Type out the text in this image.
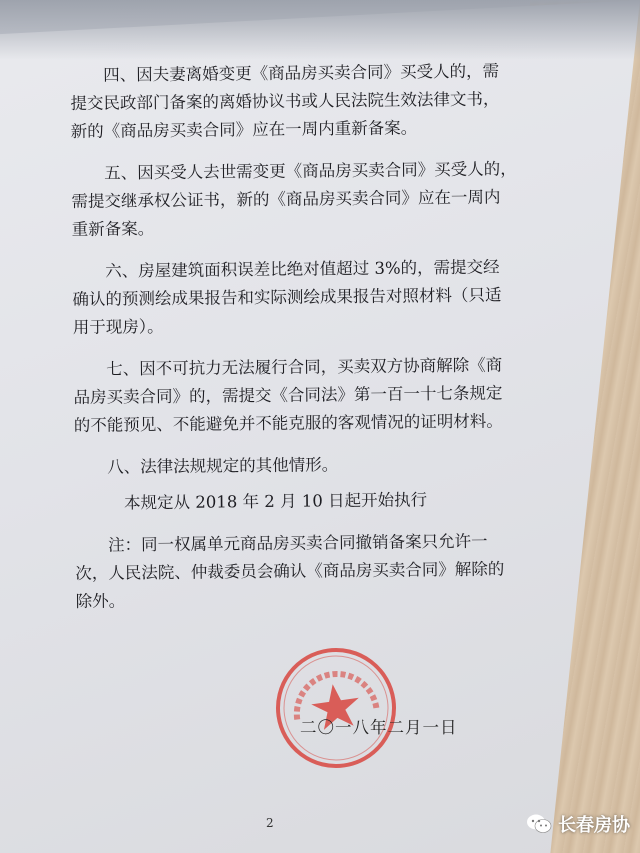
四、因夫妻离婚变更《商品房买卖合同》买受人的，需
提交民政部门备案的离婚协议书或人民法院生效法律文书，
新的《商品房买卖合同》应在一周内重新备案。

五、因买受人去世需变更《商品房买卖合同》买受人的，
需提交继承权公证书，新的《商品房买卖合同》应在一周内
重新备案。

六、房屋建筑面积误差比绝对值超过 3%的，需提交经
确认的预测绘成果报告和实际测绘成果报告对照材料（只适
用于现房）。

七、因不可抗力无法履行合同，买卖双方协商解除《商
品房买卖合同》的，需提交《合同法》第一百一十七条规定
的不能预见、不能避免并不能克服的客观情况的证明材料。

八、法律法规规定的其他情形。

本规定从 2018 年 2 月 10 日起开始执行

注：同一权属单元商品房买卖合同撤销备案只允许一
次，人民法院、仲裁委员会确认《商品房买卖合同》解除的
除外。

二〇一八年二月一日
2	长春房协
